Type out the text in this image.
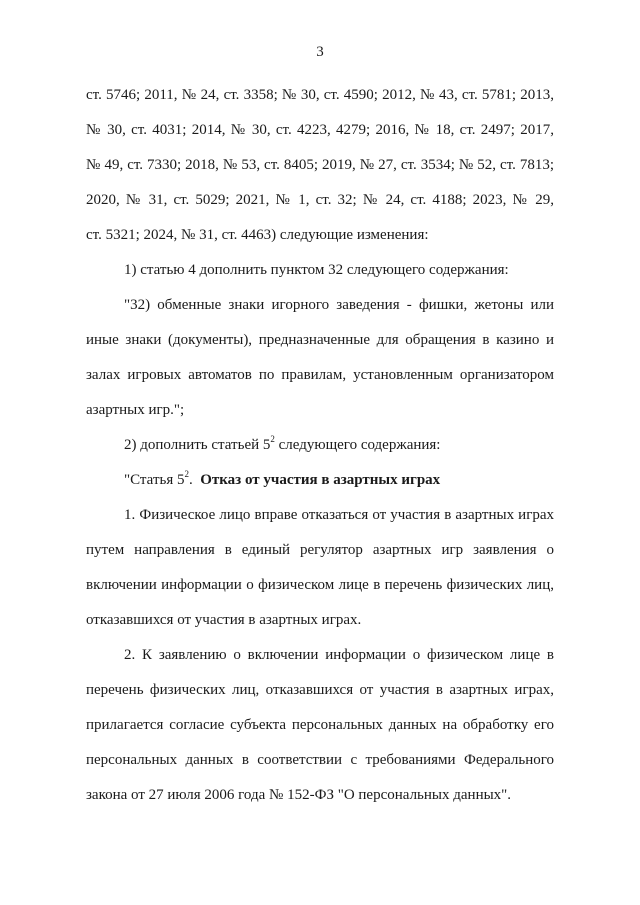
3

ст. 5746; 2011, № 24, ст. 3358; № 30, ст. 4590; 2012, № 43, ст. 5781; 2013,

№ 30, ст. 4031; 2014, № 30, ст. 4223, 4279; 2016, № 18, ст. 2497; 2017,

№ 49, ст. 7330; 2018, № 53, ст. 8405; 2019, № 27, ст. 3534; № 52, ст. 7813;

2020, № 31, ст. 5029; 2021, № 1, ст. 32; № 24, ст. 4188; 2023, № 29,

ст. 5321; 2024, № 31, ст. 4463) следующие изменения:

1) статью 4 дополнить пунктом 32 следующего содержания:

"32) обменные знаки игорного заведения - фишки, жетоны или иные знаки (документы), предназначенные для обращения в казино и залах игровых автоматов по правилам, установленным организатором азартных игр.";

2) дополнить статьей $5^2$ следующего содержания:

"Статья $5^2$. Отказ от участия в азартных играх

1. Физическое лицо вправе отказаться от участия в азартных играх путем направления в единый регулятор азартных игр заявления о включении информации о физическом лице в перечень физических лиц, отказавшихся от участия в азартных играх.

2. К заявлению о включении информации о физическом лице в перечень физических лиц, отказавшихся от участия в азартных играх, прилагается согласие субъекта персональных данных на обработку его персональных данных в соответствии с требованиями Федерального закона от 27 июля 2006 года № 152-ФЗ "О персональных данных".
